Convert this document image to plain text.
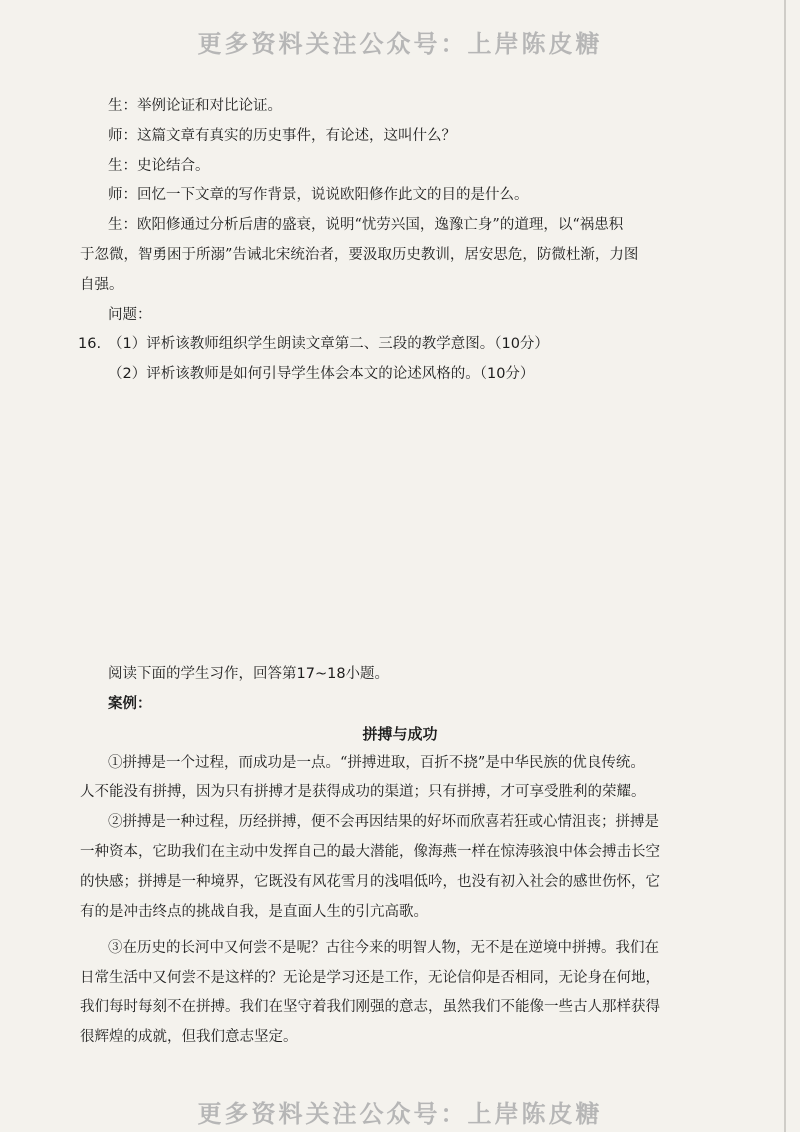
更多资料关注公众号：上岸陈皮糖
生：举例论证和对比论证。
师：这篇文章有真实的历史事件，有论述，这叫什么？
生：史论结合。
师：回忆一下文章的写作背景，说说欧阳修作此文的目的是什么。
生：欧阳修通过分析后唐的盛衰，说明“忧劳兴国，逸豫亡身”的道理，以“祸患积
于忽微，智勇困于所溺”告诫北宋统治者，要汲取历史教训，居安思危，防微杜渐，力图
自强。
问题：
16. （1）评析该教师组织学生朗读文章第二、三段的教学意图。（10分）
（2）评析该教师是如何引导学生体会本文的论述风格的。（10分）
阅读下面的学生习作，回答第17~18小题。
案例：
拼搏与成功
①拼搏是一个过程，而成功是一点。“拼搏进取，百折不挠”是中华民族的优良传统。
人不能没有拼搏，因为只有拼搏才是获得成功的渠道；只有拼搏，才可享受胜利的荣耀。
②拼搏是一种过程，历经拼搏，便不会再因结果的好坏而欣喜若狂或心情沮丧；拼搏是
一种资本，它助我们在主动中发挥自己的最大潜能，像海燕一样在惊涛骇浪中体会搏击长空
的快感；拼搏是一种境界，它既没有风花雪月的浅唱低吟，也没有初入社会的感世伤怀，它
有的是冲击终点的挑战自我，是直面人生的引亢高歌。
③在历史的长河中又何尝不是呢？古往今来的明智人物，无不是在逆境中拼搏。我们在
日常生活中又何尝不是这样的？无论是学习还是工作，无论信仰是否相同，无论身在何地，
我们每时每刻不在拼搏。我们在坚守着我们刚强的意志，虽然我们不能像一些古人那样获得
很辉煌的成就，但我们意志坚定。
更多资料关注公众号：上岸陈皮糖
